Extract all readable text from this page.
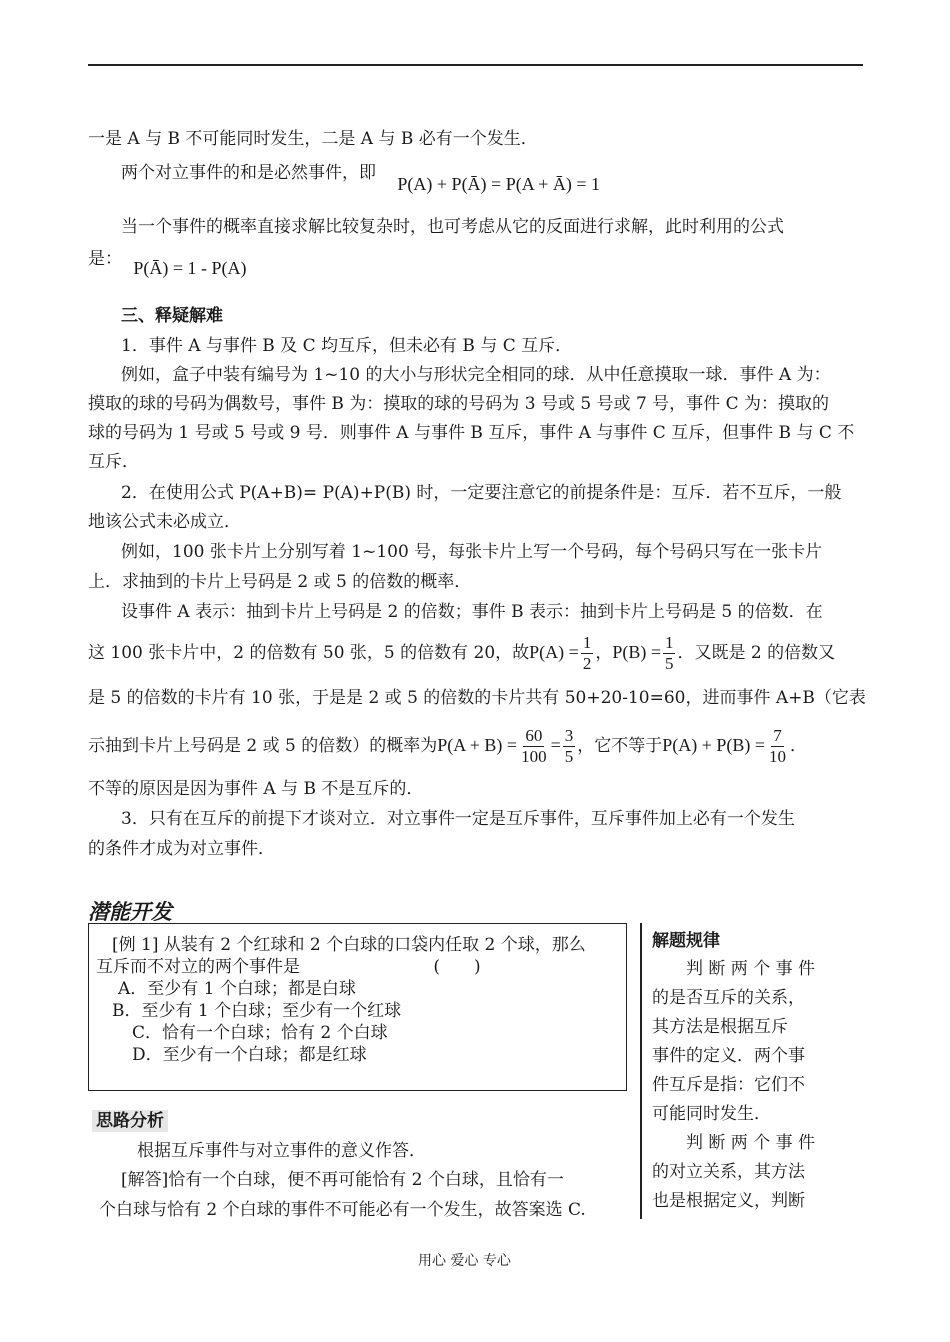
一是 A 与 B 不可能同时发生，二是 A 与 B 必有一个发生．
两个对立事件的和是必然事件，即 P(A) + P(Ā) = P(A + Ā) = 1
当一个事件的概率直接求解比较复杂时，也可考虑从它的反面进行求解，此时利用的公式
是： P(Ā) = 1 - P(A)
三、释疑解难
1．事件 A 与事件 B 及 C 均互斥，但未必有 B 与 C 互斥．
例如，盒子中装有编号为 1~10 的大小与形状完全相同的球．从中任意摸取一球．事件 A 为：
摸取的球的号码为偶数号，事件 B 为：摸取的球的号码为 3 号或 5 号或 7 号，事件 C 为：摸取的
球的号码为 1 号或 5 号或 9 号．则事件 A 与事件 B 互斥，事件 A 与事件 C 互斥，但事件 B 与 C 不
互斥．
2．在使用公式 P(A+B)= P(A)+P(B) 时，一定要注意它的前提条件是：互斥．若不互斥，一般
地该公式未必成立．
例如，100 张卡片上分别写着 1~100 号，每张卡片上写一个号码，每个号码只写在一张卡片
上．求抽到的卡片上号码是 2 或 5 的倍数的概率．
设事件 A 表示：抽到卡片上号码是 2 的倍数；事件 B 表示：抽到卡片上号码是 5 的倍数．在
这 100 张卡片中，2 的倍数有 50 张，5 的倍数有 20，故$P(A) = \frac{1}{2}$ ，$P(B) = \frac{1}{5}$ ．又既是 2 的倍数又
是 5 的倍数的卡片有 10 张，于是是 2 或 5 的倍数的卡片共有 50+20-10=60，进而事件 A+B（它表
示抽到卡片上号码是 2 或 5 的倍数）的概率为$P(A + B) = \frac{60}{100} = \frac{3}{5}$ ，它不等于$P(A) + P(B) = \frac{7}{10}$ ．
不等的原因是因为事件 A 与 B 不是互斥的．
3．只有在互斥的前提下才谈对立．对立事件一定是互斥事件，互斥事件加上必有一个发生
的条件才成为对立事件．
潜能开发
[例 1] 从装有 2 个红球和 2 个白球的口袋内任取 2 个球，那么
互斥而不对立的两个事件是	(　　)
A．至少有 1 个白球；都是白球
B．至少有 1 个白球；至少有一个红球
C．恰有一个白球；恰有 2 个白球
D．至少有一个白球；都是红球
思路分析
根据互斥事件与对立事件的意义作答．
[解答]恰有一个白球，便不再可能恰有 2 个白球，且恰有一
个白球与恰有 2 个白球的事件不可能必有一个发生，故答案选 C.
解题规律
判 断 两 个 事 件
的是否互斥的关系，
其方法是根据互斥
事件的定义．两个事
件互斥是指：它们不
可能同时发生．
判 断 两 个 事 件
的对立关系，其方法
也是根据定义，判断
用心 爱心 专心
